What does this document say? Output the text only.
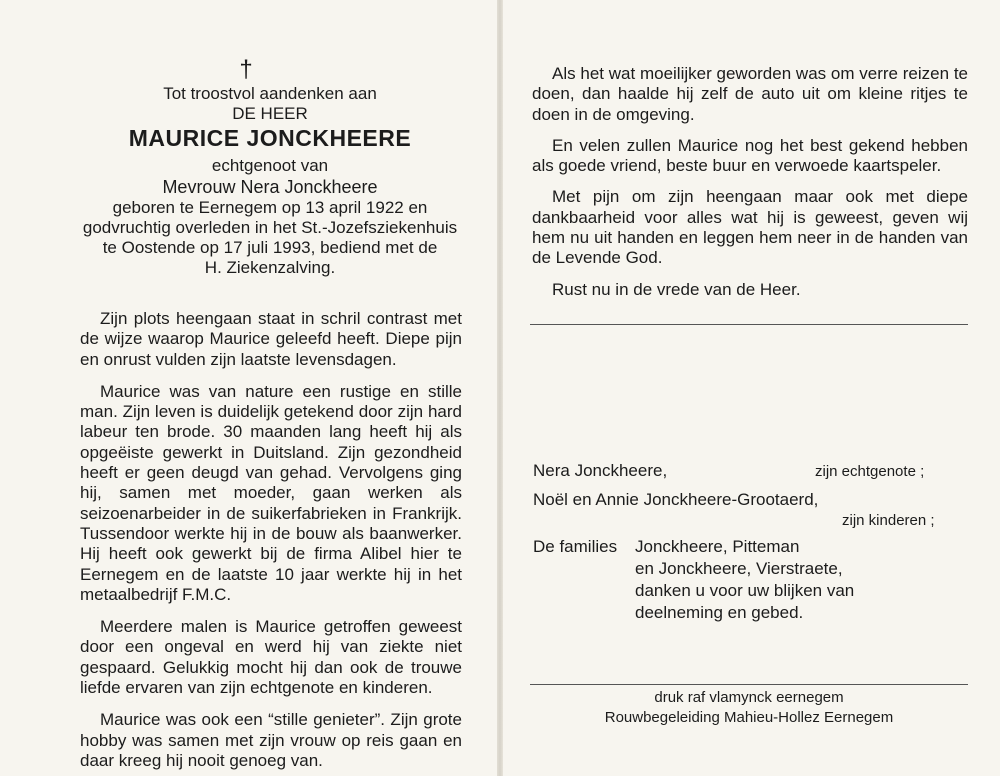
†
Tot troostvol aandenken aan
DE HEER
MAURICE JONCKHEERE
echtgenoot van
Mevrouw Nera Jonckheere
geboren te Eernegem op 13 april 1922 en
godvruchtig overleden in het St.-Jozefsziekenhuis
te Oostende op 17 juli 1993, bediend met de
H. Ziekenzalving.

Zijn plots heengaan staat in schril contrast met de wijze waarop Maurice geleefd heeft. Diepe pijn en onrust vulden zijn laatste levensdagen.

Maurice was van nature een rustige en stille man. Zijn leven is duidelijk getekend door zijn hard labeur ten brode. 30 maanden lang heeft hij als opgeëiste gewerkt in Duitsland. Zijn gezondheid heeft er geen deugd van gehad. Vervolgens ging hij, samen met moeder, gaan werken als seizoenarbeider in de suikerfabrieken in Frankrijk. Tussendoor werkte hij in de bouw als baanwerker. Hij heeft ook gewerkt bij de firma Alibel hier te Eernegem en de laatste 10 jaar werkte hij in het metaalbedrijf F.M.C.

Meerdere malen is Maurice getroffen geweest door een ongeval en werd hij van ziekte niet gespaard. Gelukkig mocht hij dan ook de trouwe liefde ervaren van zijn echtgenote en kinderen.

Maurice was ook een “stille genieter”. Zijn grote hobby was samen met zijn vrouw op reis gaan en daar kreeg hij nooit genoeg van.

Als het wat moeilijker geworden was om verre reizen te doen, dan haalde hij zelf de auto uit om kleine ritjes te doen in de omgeving.

En velen zullen Maurice nog het best gekend hebben als goede vriend, beste buur en verwoede kaartspeler.

Met pijn om zijn heengaan maar ook met diepe dankbaarheid voor alles wat hij is geweest, geven wij hem nu uit handen en leggen hem neer in de handen van de Levende God.

Rust nu in de vrede van de Heer.

Nera Jonckheere,	zijn echtgenote ;
Noël en Annie Jonckheere-Grootaerd,
zijn kinderen ;
De families Jonckheere, Pitteman
en Jonckheere, Vierstraete,
danken u voor uw blijken van
deelneming en gebed.
druk raf vlamynck eernegem
Rouwbegeleiding Mahieu-Hollez Eernegem
